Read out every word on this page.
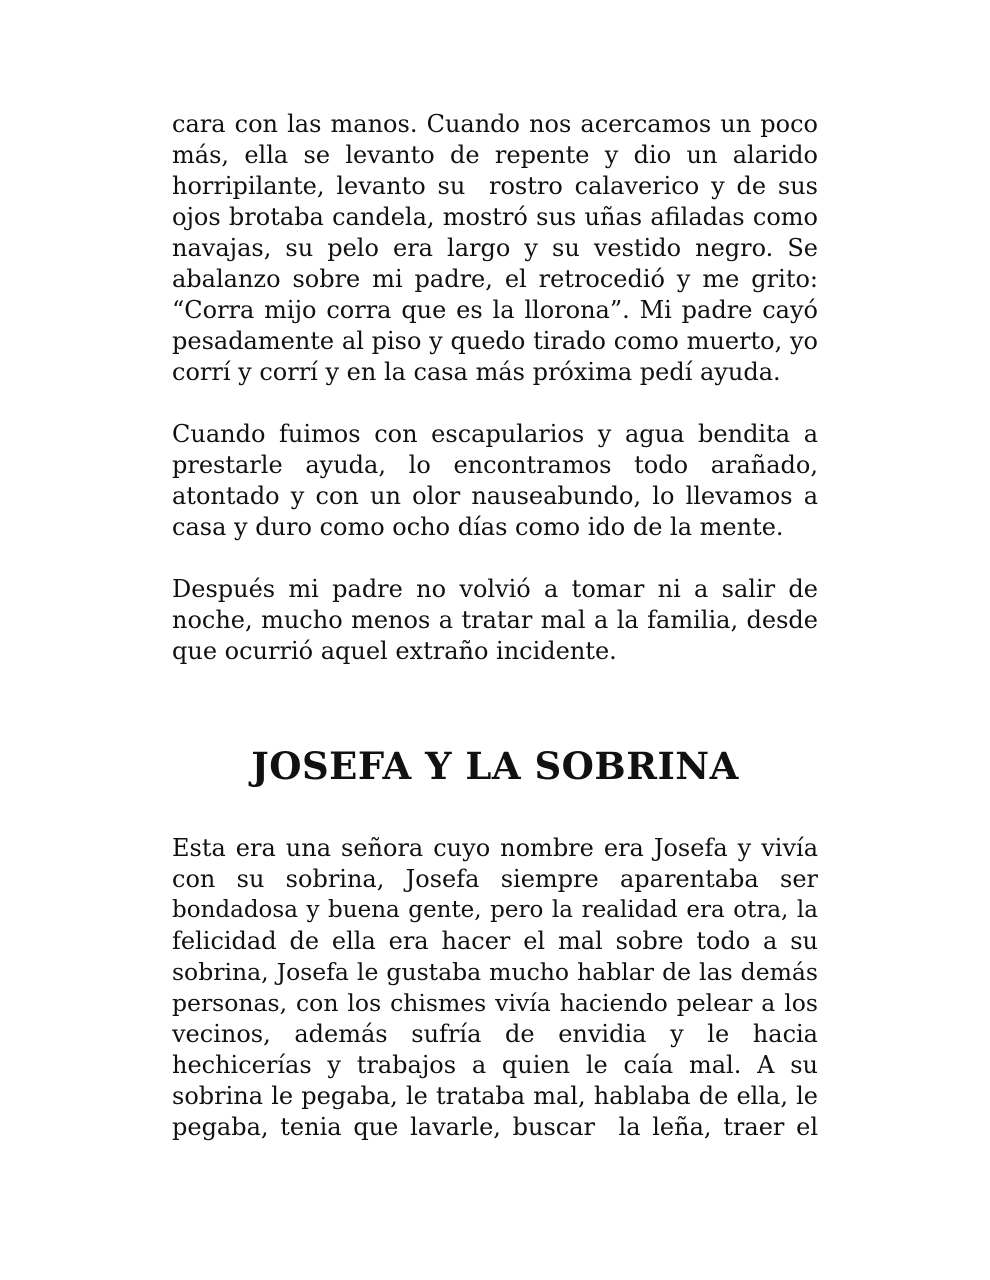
cara con las manos. Cuando nos acercamos un poco
más, ella se levanto de repente y dio un alarido
horripilante, levanto su  rostro calaverico y de sus
ojos brotaba candela, mostró sus uñas afiladas como
navajas, su pelo era largo y su vestido negro. Se
abalanzo sobre mi padre, el retrocedió y me grito:
“Corra mijo corra que es la llorona”. Mi padre cayó
pesadamente al piso y quedo tirado como muerto, yo
corrí y corrí y en la casa más próxima pedí ayuda.
Cuando fuimos con escapularios y agua bendita a
prestarle ayuda, lo encontramos todo arañado,
atontado y con un olor nauseabundo, lo llevamos a
casa y duro como ocho días como ido de la mente.
Después mi padre no volvió a tomar ni a salir de
noche, mucho menos a tratar mal a la familia, desde
que ocurrió aquel extraño incidente.
JOSEFA Y LA SOBRINA
Esta era una señora cuyo nombre era Josefa y vivía
con su sobrina, Josefa siempre aparentaba ser
bondadosa y buena gente, pero la realidad era otra, la
felicidad de ella era hacer el mal sobre todo a su
sobrina, Josefa le gustaba mucho hablar de las demás
personas, con los chismes vivía haciendo pelear a los
vecinos, además sufría de envidia y le hacia
hechicerías y trabajos a quien le caía mal. A su
sobrina le pegaba, le trataba mal, hablaba de ella, le
pegaba, tenia que lavarle, buscar  la leña, traer el
